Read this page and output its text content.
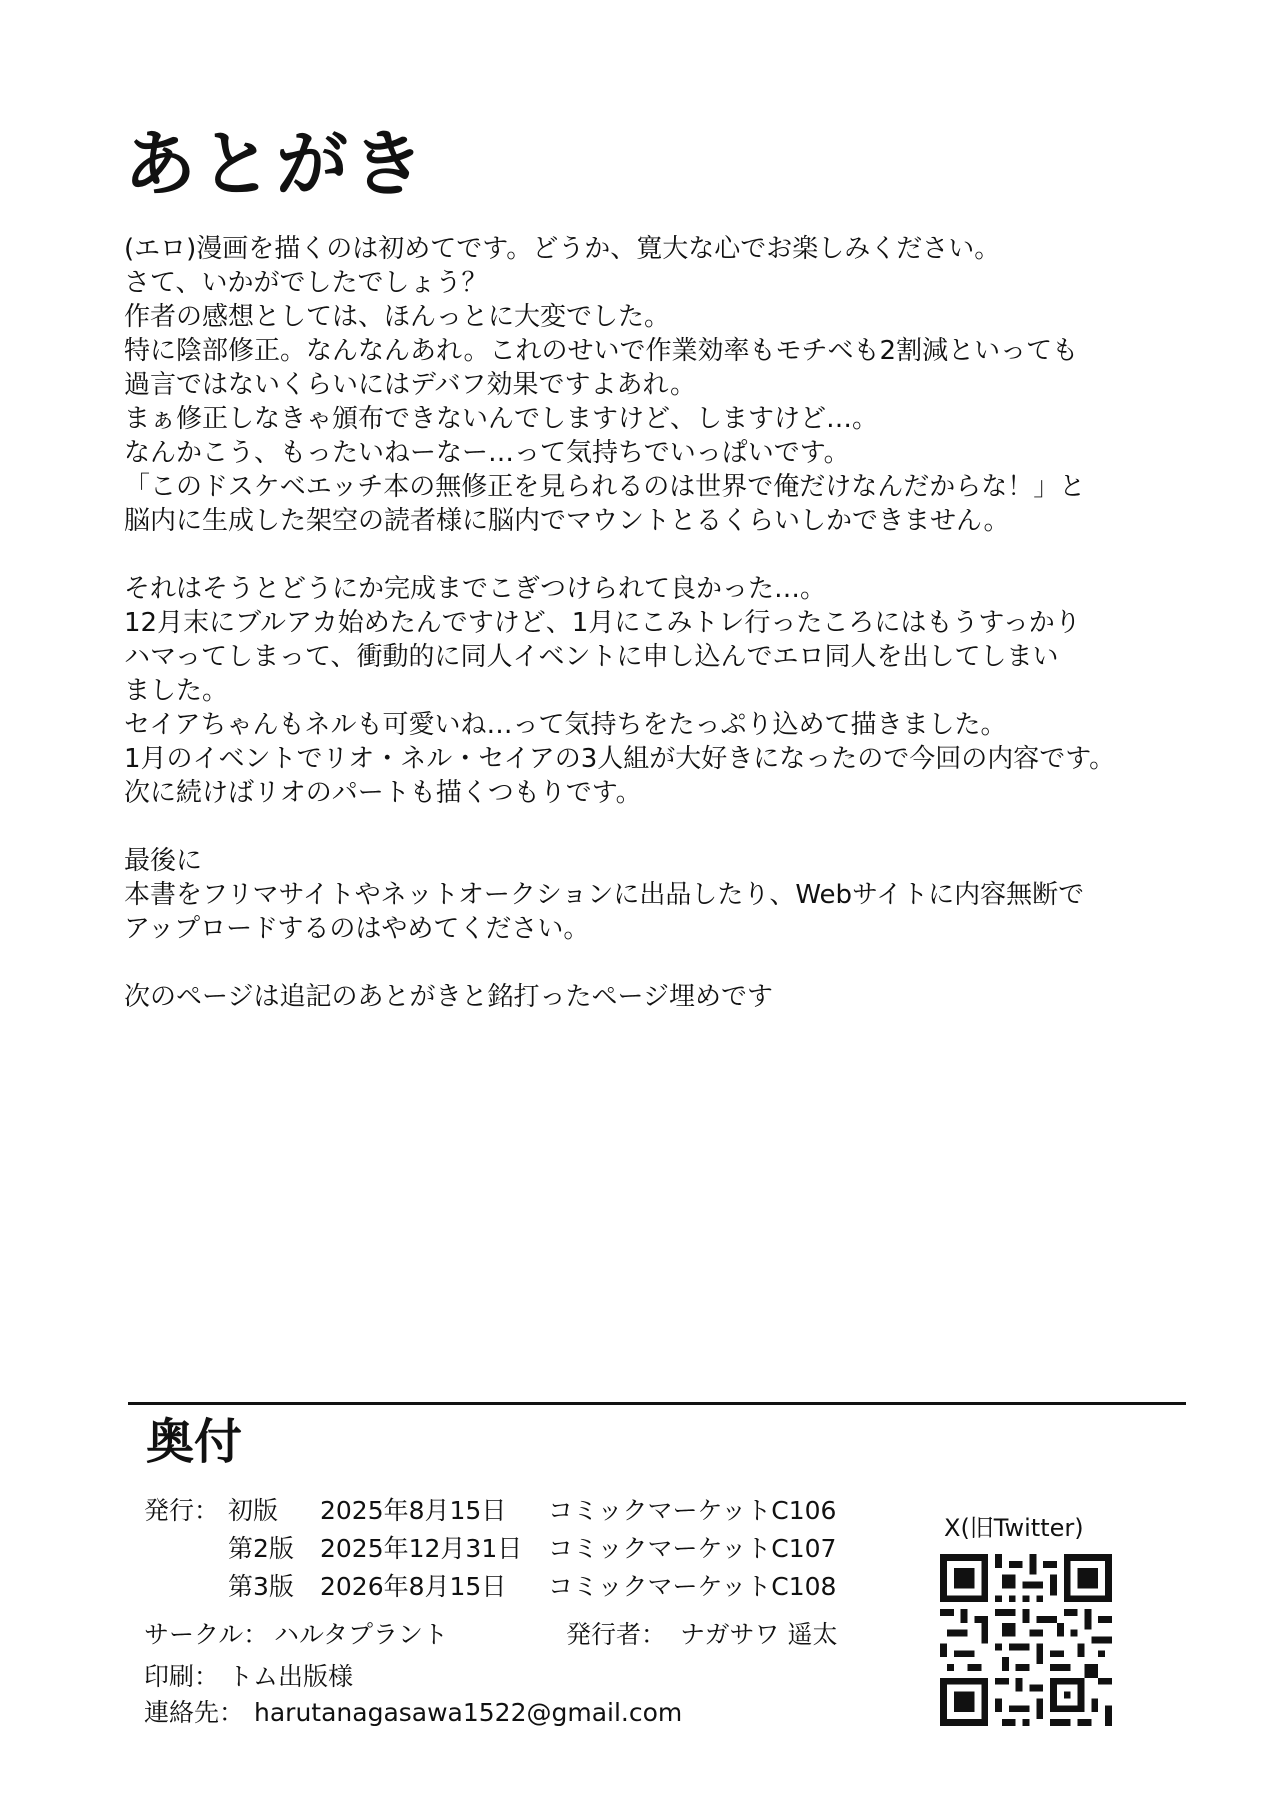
あとがき
(エロ)漫画を描くのは初めてです。どうか、寛大な心でお楽しみください。
さて、いかがでしたでしょう？
作者の感想としては、ほんっとに大変でした。
特に陰部修正。なんなんあれ。これのせいで作業効率もモチベも2割減といっても
過言ではないくらいにはデバフ効果ですよあれ。
まぁ修正しなきゃ頒布できないんでしますけど、しますけど…。
なんかこう、もったいねーなー…って気持ちでいっぱいです。
「このドスケベエッチ本の無修正を見られるのは世界で俺だけなんだからな！」と
脳内に生成した架空の読者様に脳内でマウントとるくらいしかできません。
それはそうとどうにか完成までこぎつけられて良かった…。
12月末にブルアカ始めたんですけど、1月にこみトレ行ったころにはもうすっかり
ハマってしまって、衝動的に同人イベントに申し込んでエロ同人を出してしまい
ました。
セイアちゃんもネルも可愛いね…って気持ちをたっぷり込めて描きました。
1月のイベントでリオ・ネル・セイアの3人組が大好きになったので今回の内容です。
次に続けばリオのパートも描くつもりです。
最後に
本書をフリマサイトやネットオークションに出品したり、Webサイトに内容無断で
アップロードするのはやめてください。
次のページは追記のあとがきと銘打ったページ埋めです
奥付
発行： 初版 2025年8月15日 コミックマーケットC106
第2版 2025年12月31日 コミックマーケットC107
第3版 2026年8月15日 コミックマーケットC108
サークル： ハルタプラント	発行者： ナガサワ 遥太
印刷： トム出版様
連絡先： harutanagasawa1522@gmail.com
X(旧Twitter)
